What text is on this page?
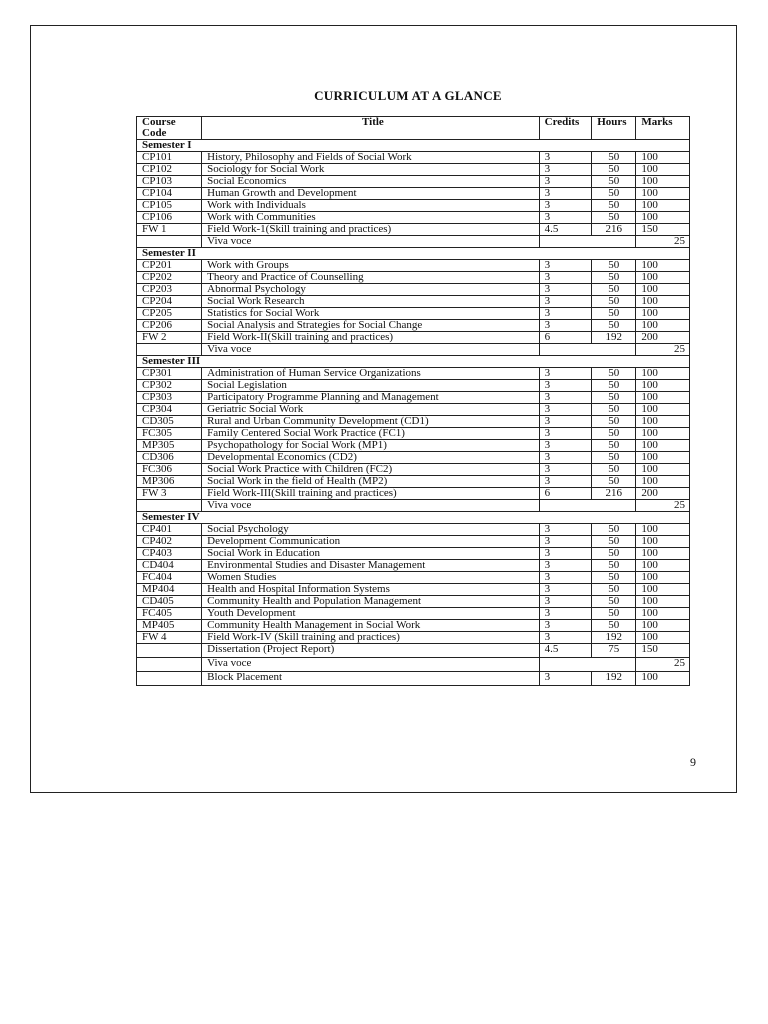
CURRICULUM AT A GLANCE
Course Code	Title	Credits	Hours	Marks
Semester I				
CP101	History, Philosophy and Fields of Social Work	3	50	100
CP102	Sociology for Social Work	3	50	100
CP103	Social Economics	3	50	100
CP104	Human Growth and Development	3	50	100
CP105	Work with Individuals	3	50	100
CP106	Work with Communities	3	50	100
FW 1	Field Work-1(Skill training and practices)	4.5	216	150
	Viva voce			25
Semester II				
CP201	Work with Groups	3	50	100
CP202	Theory and Practice of Counselling	3	50	100
CP203	Abnormal Psychology	3	50	100
CP204	Social Work Research	3	50	100
CP205	Statistics for Social Work	3	50	100
CP206	Social Analysis and Strategies for Social Change	3	50	100
FW 2	Field Work-II(Skill training and practices)	6	192	200
	Viva voce			25
Semester III				
CP301	Administration of Human Service Organizations	3	50	100
CP302	Social Legislation	3	50	100
CP303	Participatory Programme Planning and Management	3	50	100
CP304	Geriatric Social Work	3	50	100
CD305	Rural and Urban Community Development (CD1)	3	50	100
FC305	Family Centered Social Work Practice (FC1)	3	50	100
MP305	Psychopathology for Social Work (MP1)	3	50	100
CD306	Developmental Economics (CD2)	3	50	100
FC306	Social Work Practice with Children (FC2)	3	50	100
MP306	Social Work in the field of Health (MP2)	3	50	100
FW 3	Field Work-III(Skill training and practices)	6	216	200
	Viva voce			25
Semester IV				
CP401	Social Psychology	3	50	100
CP402	Development Communication	3	50	100
CP403	Social Work in Education	3	50	100
CD404	Environmental Studies and Disaster Management	3	50	100
FC404	Women Studies	3	50	100
MP404	Health and Hospital Information Systems	3	50	100
CD405	Community Health and Population Management	3	50	100
FC405	Youth Development	3	50	100
MP405	Community Health Management in Social Work	3	50	100
FW 4	Field Work-IV (Skill training and practices)	3	192	100
	Dissertation (Project Report)	4.5	75	150
	Viva voce			25
	Block Placement	3	192	100
9
